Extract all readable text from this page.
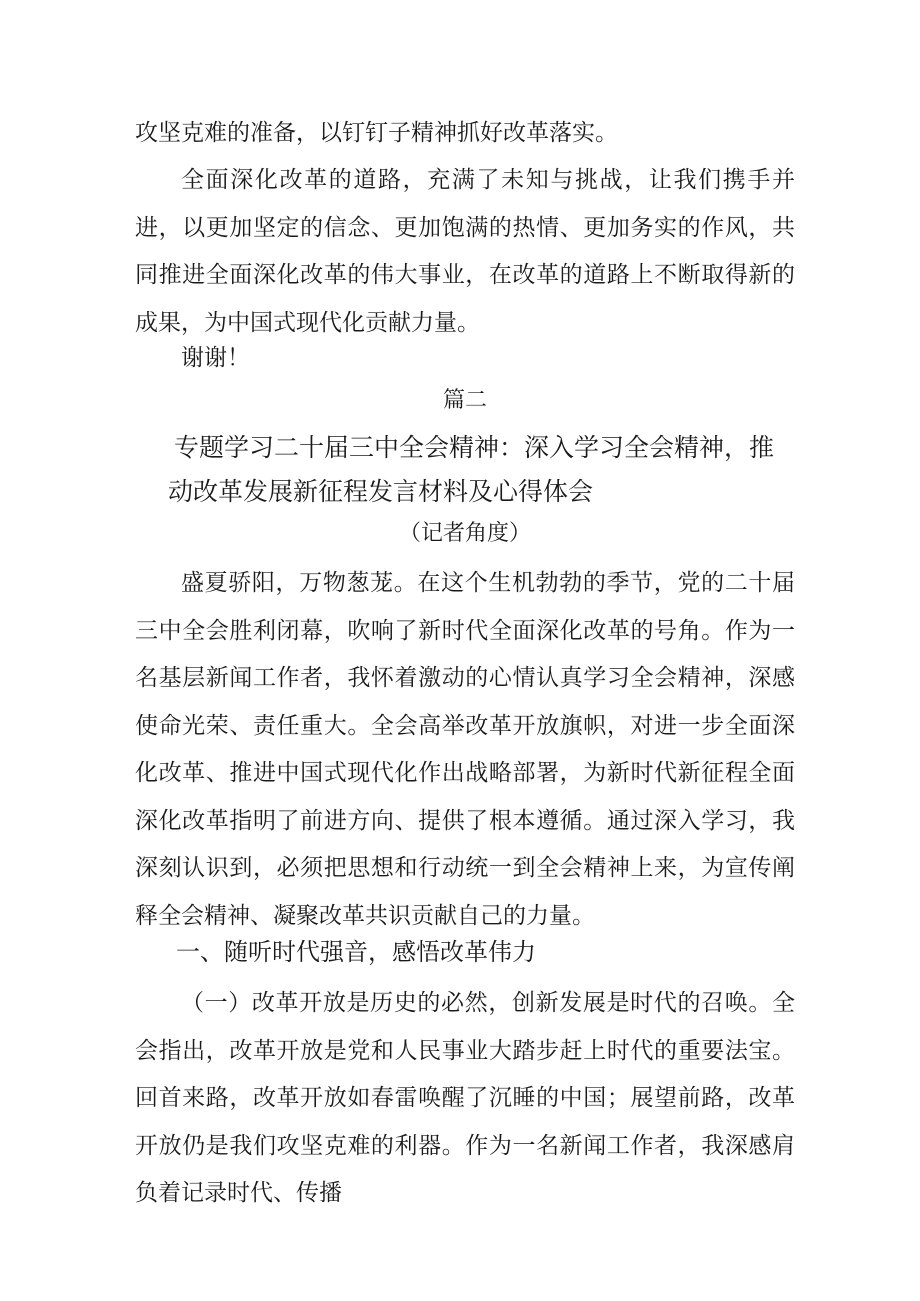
攻坚克难的准备，以钉钉子精神抓好改革落实。

全面深化改革的道路，充满了未知与挑战，让我们携手并进，以更加坚定的信念、更加饱满的热情、更加务实的作风，共同推进全面深化改革的伟大事业，在改革的道路上不断取得新的成果，为中国式现代化贡献力量。

谢谢！

篇二

专题学习二十届三中全会精神：深入学习全会精神，推动改革发展新征程发言材料及心得体会

（记者角度）

盛夏骄阳，万物葱茏。在这个生机勃勃的季节，党的二十届三中全会胜利闭幕，吹响了新时代全面深化改革的号角。作为一名基层新闻工作者，我怀着激动的心情认真学习全会精神，深感使命光荣、责任重大。全会高举改革开放旗帜，对进一步全面深化改革、推进中国式现代化作出战略部署，为新时代新征程全面深化改革指明了前进方向、提供了根本遵循。通过深入学习，我深刻认识到，必须把思想和行动统一到全会精神上来，为宣传阐释全会精神、凝聚改革共识贡献自己的力量。

一、随听时代强音，感悟改革伟力

（一）改革开放是历史的必然，创新发展是时代的召唤。全会指出，改革开放是党和人民事业大踏步赶上时代的重要法宝。回首来路，改革开放如春雷唤醒了沉睡的中国；展望前路，改革开放仍是我们攻坚克难的利器。作为一名新闻工作者，我深感肩负着记录时代、传播
